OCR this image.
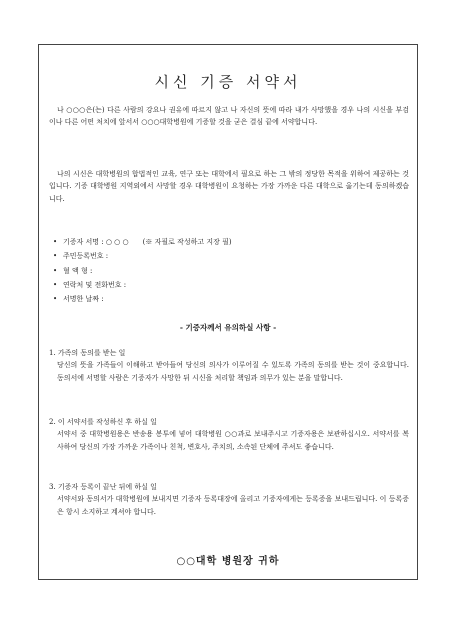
시신 기증 서약서

나 ○○○은(는) 다른 사람의 강요나 권유에 따르지 않고 나 자신의 뜻에 따라 내가 사망했을 경우 나의 시신을 부검이나 다른 어떤 처치에 앞서서 ○○○대학병원에 기증할 것을 굳은 결심 끝에 서약합니다.

나의 시신은 대학병원의 합법적인 교육, 연구 또는 대학에서 필요로 하는 그 밖의 정당한 목적을 위하여 제공하는 것입니다. 기증 대학병원 지역외에서 사망할 경우 대학병원이 요청하는 가장 가까운 다른 대학으로 옮기는데 동의하겠습니다.

• 기증자 서명 : ○ ○ ○ (※ 자필로 작성하고 지장 필)
• 주민등록번호 :
• 혈 액 형 :
• 연락처 및 전화번호 :
• 서명한 날짜 :
- 기증자께서 유의하실 사항 -

1. 가족의 동의를 받는 일

당신의 뜻을 가족들이 이해하고 받아들여 당신의 의사가 이루어질 수 있도록 가족의 동의를 받는 것이 중요합니다. 동의서에 서명할 사람은 기증자가 사망한 뒤 시신을 처리할 책임과 의무가 있는 분을 말합니다.

2. 이 서약서를 작성하신 후 하실 일

서약서 중 대학병원용은 반송용 봉투에 넣어 대학병원 ○○과로 보내주시고 기증자용은 보관하십시오. 서약서를 복사하여 당신의 가장 가까운 가족이나 친척, 변호사, 주치의, 소속된 단체에 주셔도 좋습니다.

3. 기증자 등록이 끝난 뒤에 하실 일

서약서와 동의서가 대학병원에 보내지면 기증자 등록대장에 올리고 기증자에게는 등록증을 보내드립니다. 이 등록증은 항시 소지하고 계셔야 합니다.

○○대학 병원장 귀하
